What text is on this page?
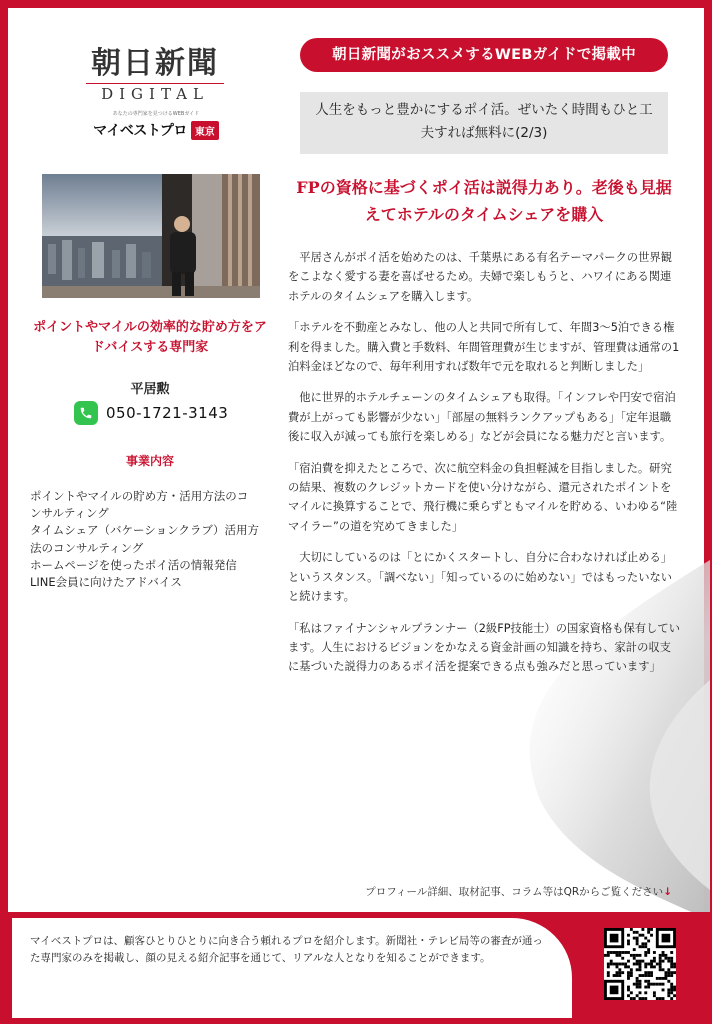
朝日新聞
DIGITAL
あなたの専門家を見つけるWEBガイド
マイベストプロ 東京
朝日新聞がおススメするWEBガイドで掲載中
人生をもっと豊かにするポイ活。ぜいたく時間もひと工夫すれば無料に(2/3)
ポイントやマイルの効率的な貯め方をアドバイスする専門家
平居勲
050-1721-3143
事業内容
ポイントやマイルの貯め方・活用方法のコ
ンサルティング
タイムシェア（バケーションクラブ）活用方
法のコンサルティング
ホームページを使ったポイ活の情報発信
LINE会員に向けたアドバイス
FPの資格に基づくポイ活は説得力あり。老後も見据えてホテルのタイムシェアを購入

　平居さんがポイ活を始めたのは、千葉県にある有名テーマパークの世界観をこよなく愛する妻を喜ばせるため。夫婦で楽しもうと、ハワイにある関連ホテルのタイムシェアを購入します。

「ホテルを不動産とみなし、他の人と共同で所有して、年間3〜5泊できる権利を得ました。購入費と手数料、年間管理費が生じますが、管理費は通常の1泊料金ほどなので、毎年利用すれば数年で元を取れると判断しました」

　他に世界的ホテルチェーンのタイムシェアも取得。「インフレや円安で宿泊費が上がっても影響が少ない」「部屋の無料ランクアップもある」「定年退職後に収入が減っても旅行を楽しめる」などが会員になる魅力だと言います。

「宿泊費を抑えたところで、次に航空料金の負担軽減を目指しました。研究の結果、複数のクレジットカードを使い分けながら、還元されたポイントをマイルに換算することで、飛行機に乗らずともマイルを貯める、いわゆる“陸マイラー”の道を究めてきました」

　大切にしているのは「とにかくスタートし、自分に合わなければ止める」というスタンス。「調べない」「知っているのに始めない」ではもったいないと続けます。

「私はファイナンシャルプランナー（2級FP技能士）の国家資格も保有しています。人生におけるビジョンをかなえる資金計画の知識を持ち、家計の収支に基づいた説得力のあるポイ活を提案できる点も強みだと思っています」

プロフィール詳細、取材記事、コラム等はQRからご覧ください↓
マイベストプロは、顧客ひとりひとりに向き合う頼れるプロを紹介します。新聞社・テレビ局等の審査が通った専門家のみを掲載し、顔の見える紹介記事を通じて、リアルな人となりを知ることができます。
